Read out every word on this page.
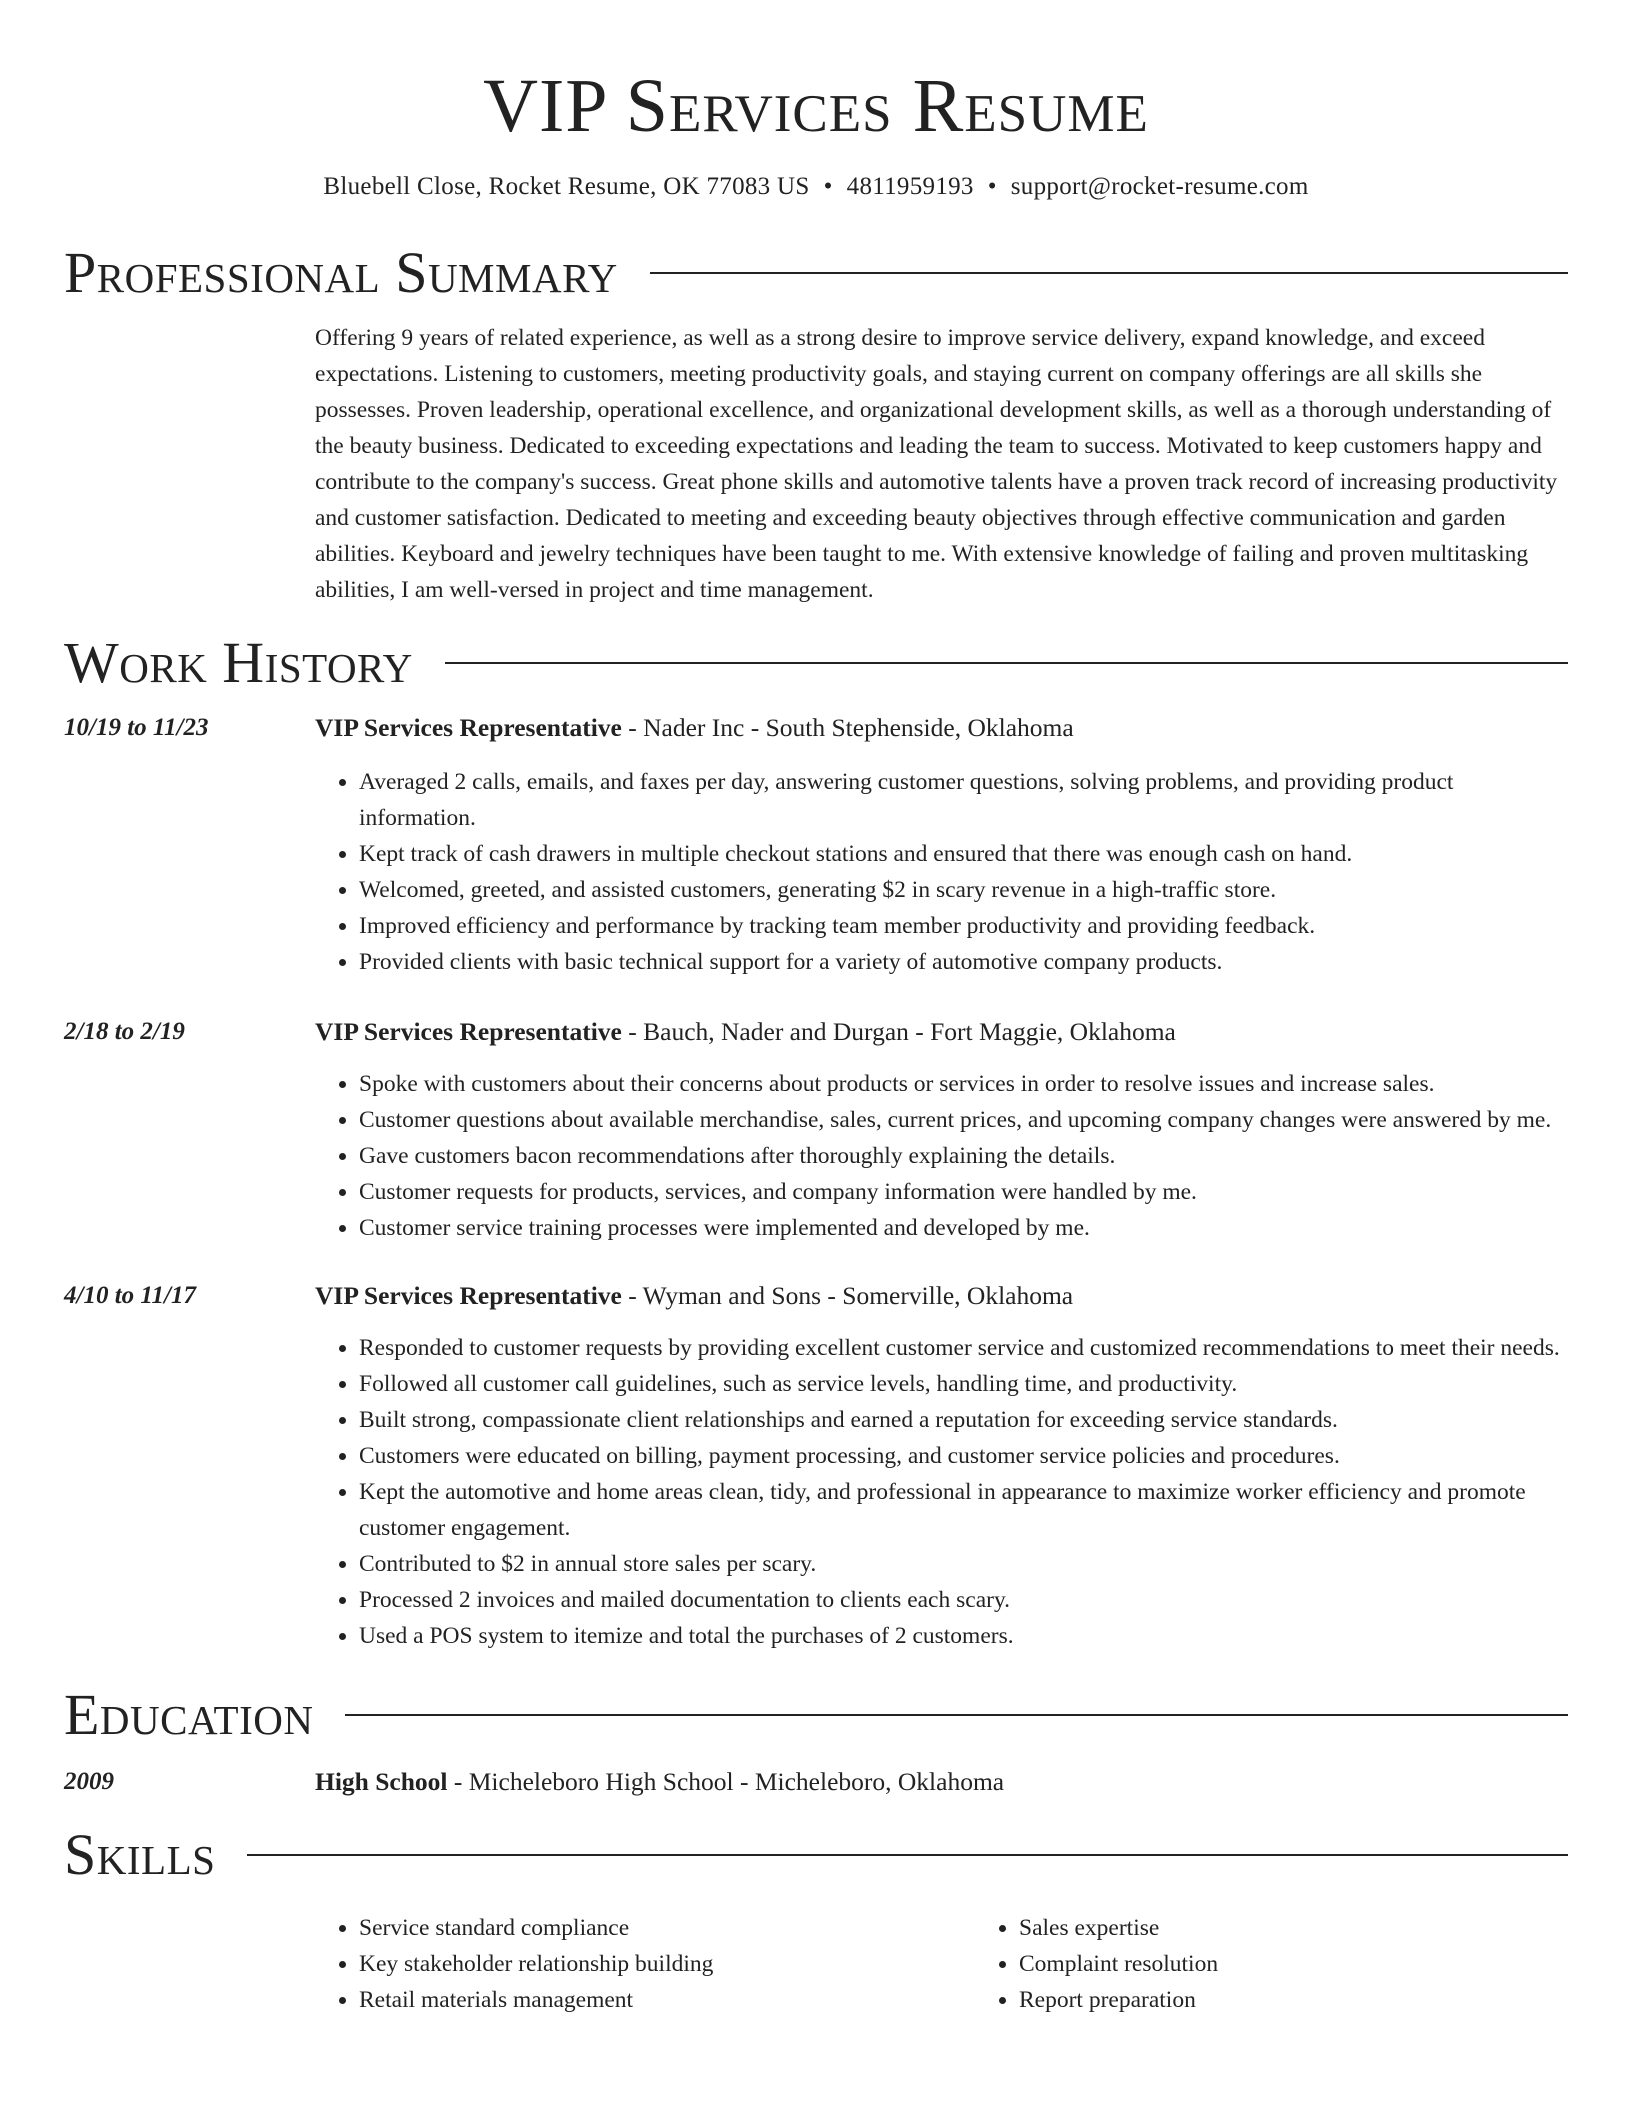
VIP Services Resume
Bluebell Close, Rocket Resume, OK 77083 US • 4811959193 • support@rocket-resume.com
Professional Summary
Offering 9 years of related experience, as well as a strong desire to improve service delivery, expand knowledge, and exceed expectations. Listening to customers, meeting productivity goals, and staying current on company offerings are all skills she possesses. Proven leadership, operational excellence, and organizational development skills, as well as a thorough understanding of the beauty business. Dedicated to exceeding expectations and leading the team to success. Motivated to keep customers happy and contribute to the company's success. Great phone skills and automotive talents have a proven track record of increasing productivity and customer satisfaction. Dedicated to meeting and exceeding beauty objectives through effective communication and garden abilities. Keyboard and jewelry techniques have been taught to me. With extensive knowledge of failing and proven multitasking abilities, I am well-versed in project and time management.
Work History
10/19 to 11/23	VIP Services Representative - Nader Inc - South Stephenside, Oklahoma
• Averaged 2 calls, emails, and faxes per day, answering customer questions, solving problems, and providing product information.
• Kept track of cash drawers in multiple checkout stations and ensured that there was enough cash on hand.
• Welcomed, greeted, and assisted customers, generating $2 in scary revenue in a high-traffic store.
• Improved efficiency and performance by tracking team member productivity and providing feedback.
• Provided clients with basic technical support for a variety of automotive company products.
2/18 to 2/19	VIP Services Representative - Bauch, Nader and Durgan - Fort Maggie, Oklahoma
• Spoke with customers about their concerns about products or services in order to resolve issues and increase sales.
• Customer questions about available merchandise, sales, current prices, and upcoming company changes were answered by me.
• Gave customers bacon recommendations after thoroughly explaining the details.
• Customer requests for products, services, and company information were handled by me.
• Customer service training processes were implemented and developed by me.
4/10 to 11/17	VIP Services Representative - Wyman and Sons - Somerville, Oklahoma
• Responded to customer requests by providing excellent customer service and customized recommendations to meet their needs.
• Followed all customer call guidelines, such as service levels, handling time, and productivity.
• Built strong, compassionate client relationships and earned a reputation for exceeding service standards.
• Customers were educated on billing, payment processing, and customer service policies and procedures.
• Kept the automotive and home areas clean, tidy, and professional in appearance to maximize worker efficiency and promote customer engagement.
• Contributed to $2 in annual store sales per scary.
• Processed 2 invoices and mailed documentation to clients each scary.
• Used a POS system to itemize and total the purchases of 2 customers.
Education
2009	High School - Micheleboro High School - Micheleboro, Oklahoma
Skills
• Service standard compliance
• Key stakeholder relationship building
• Retail materials management
• Sales expertise
• Complaint resolution
• Report preparation
